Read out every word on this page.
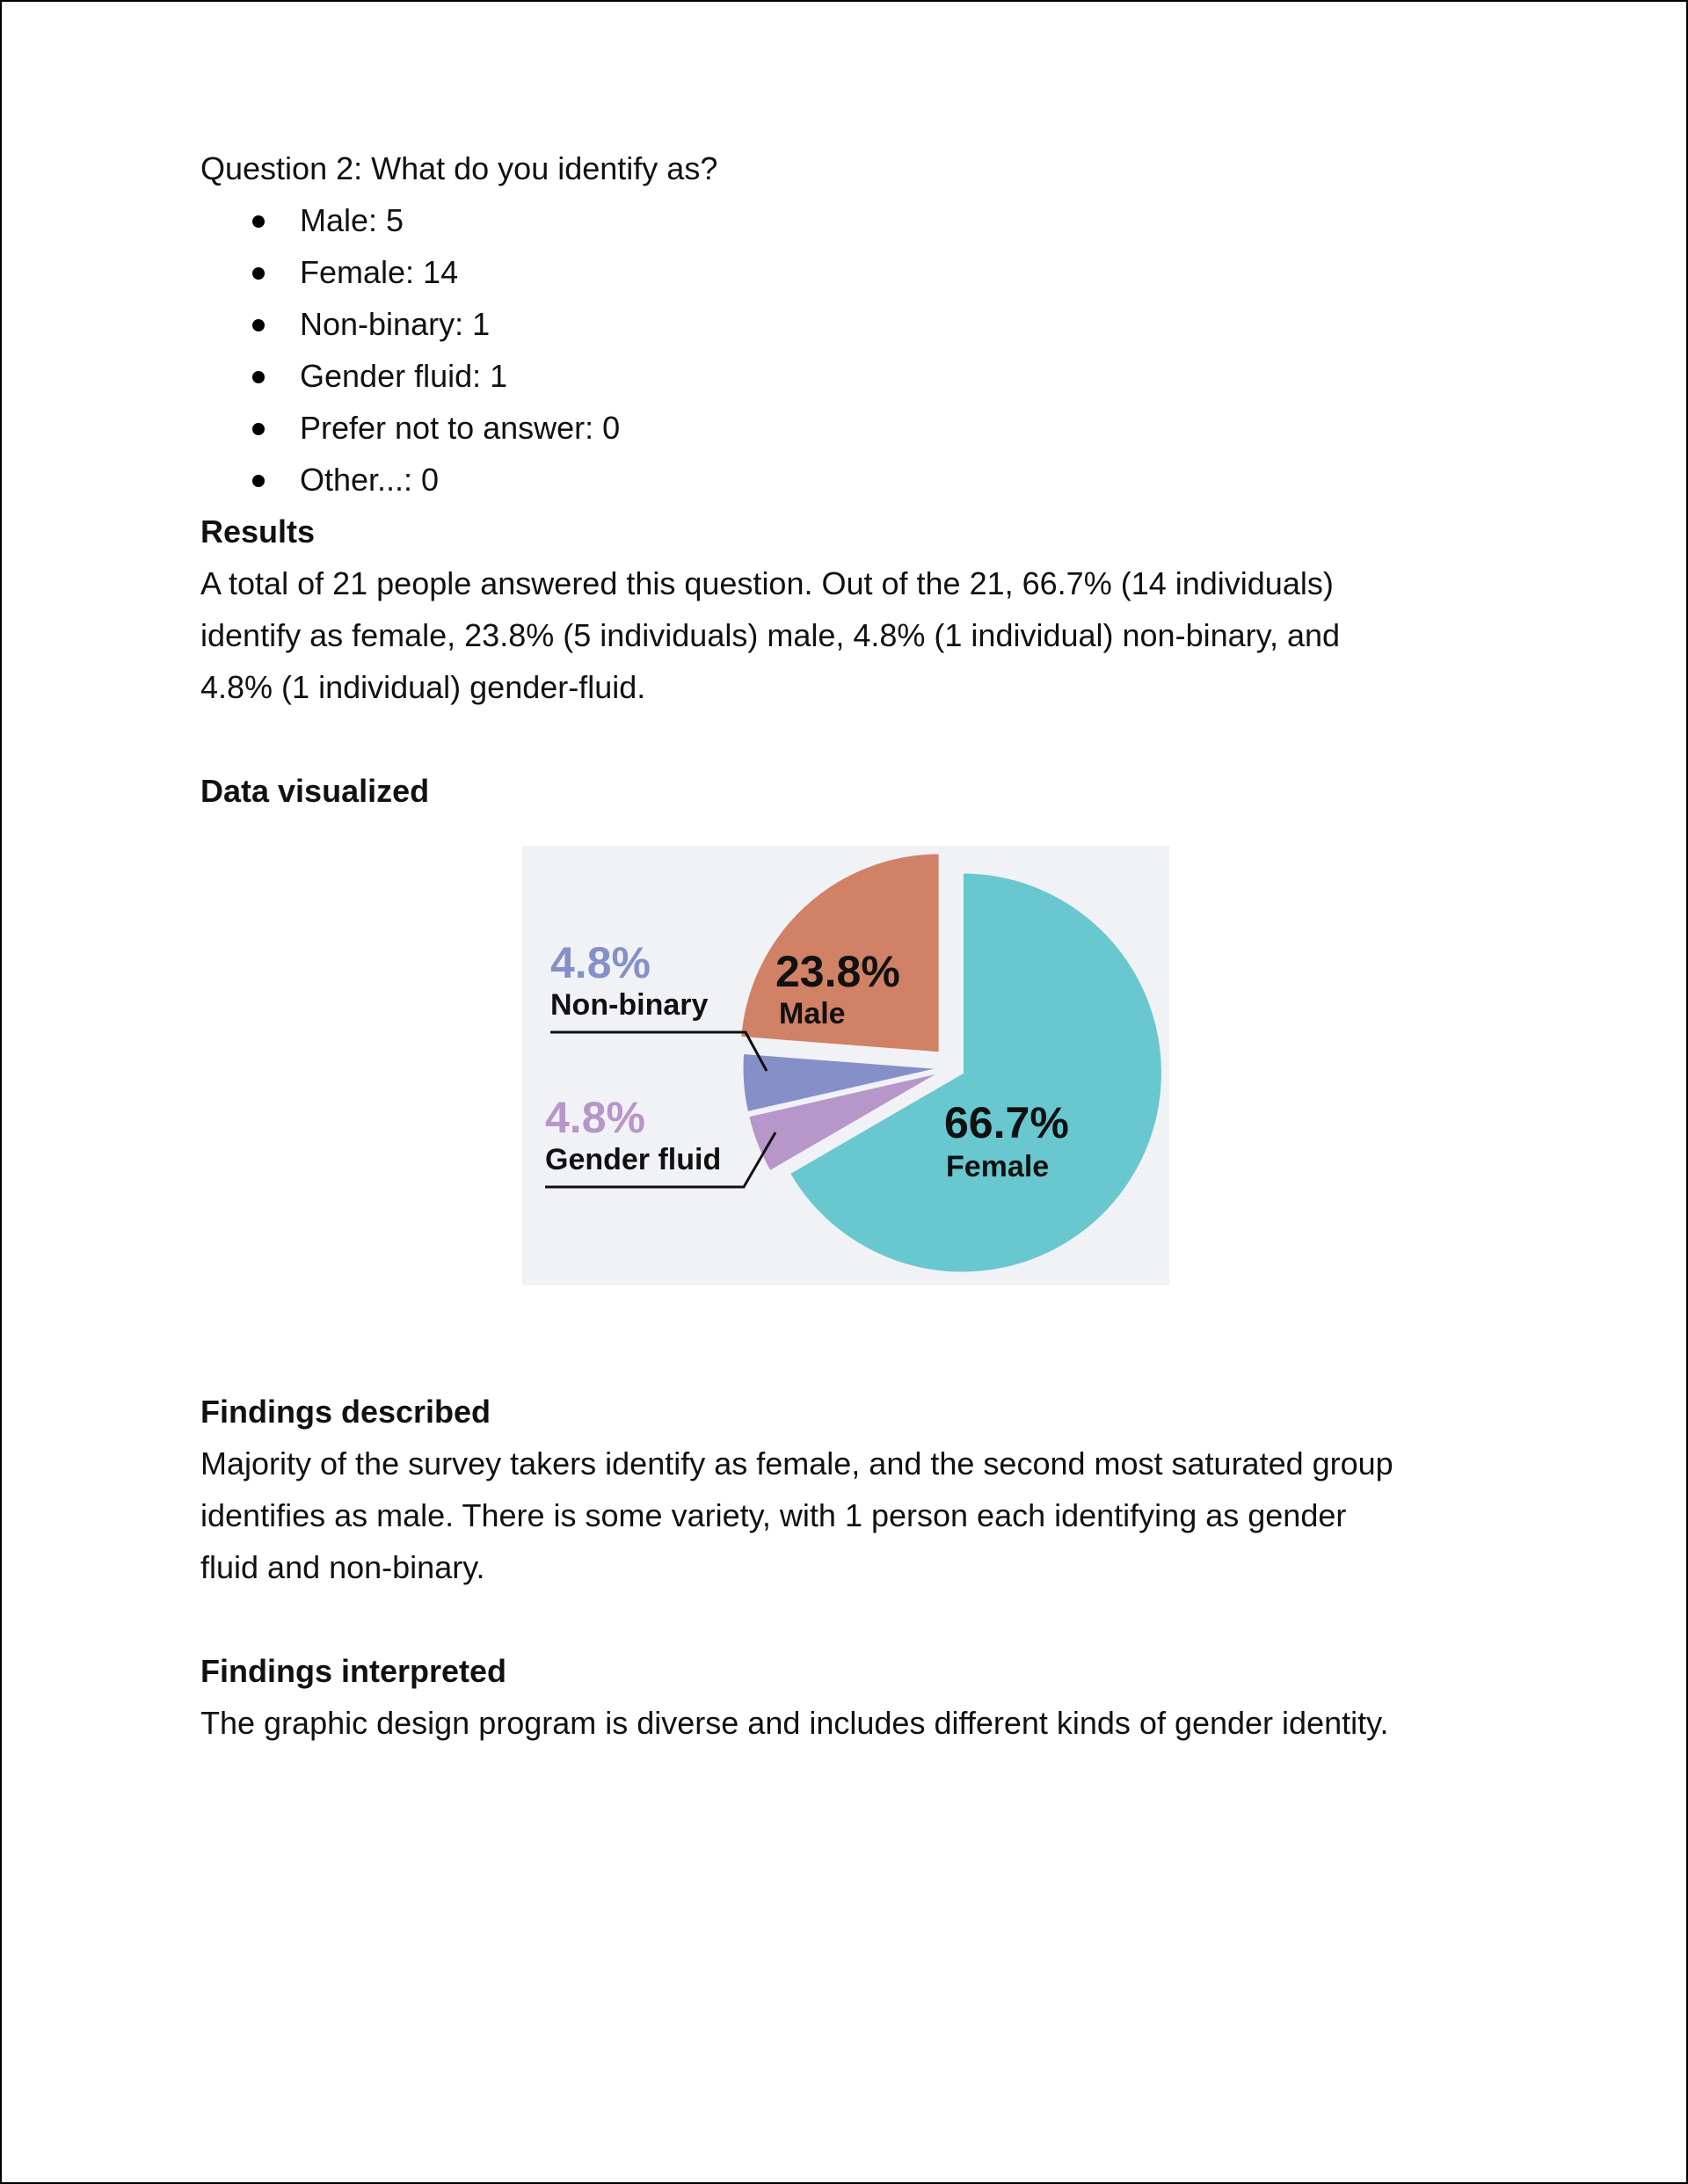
Question 2: What do you identify as?

Male: 5
Female: 14
Non-binary: 1
Gender fluid: 1
Prefer not to answer: 0
Other...: 0

Results

A total of 21 people answered this question. Out of the 21, 66.7% (14 individuals)

identify as female, 23.8% (5 individuals) male, 4.8% (1 individual) non-binary, and

4.8% (1 individual) gender-fluid.

Data visualized

23.8%
Male
66.7%
Female
4.8%
Non-binary
4.8%
Gender fluid

Findings described

Majority of the survey takers identify as female, and the second most saturated group

identifies as male. There is some variety, with 1 person each identifying as gender

fluid and non-binary.

Findings interpreted

The graphic design program is diverse and includes different kinds of gender identity.
